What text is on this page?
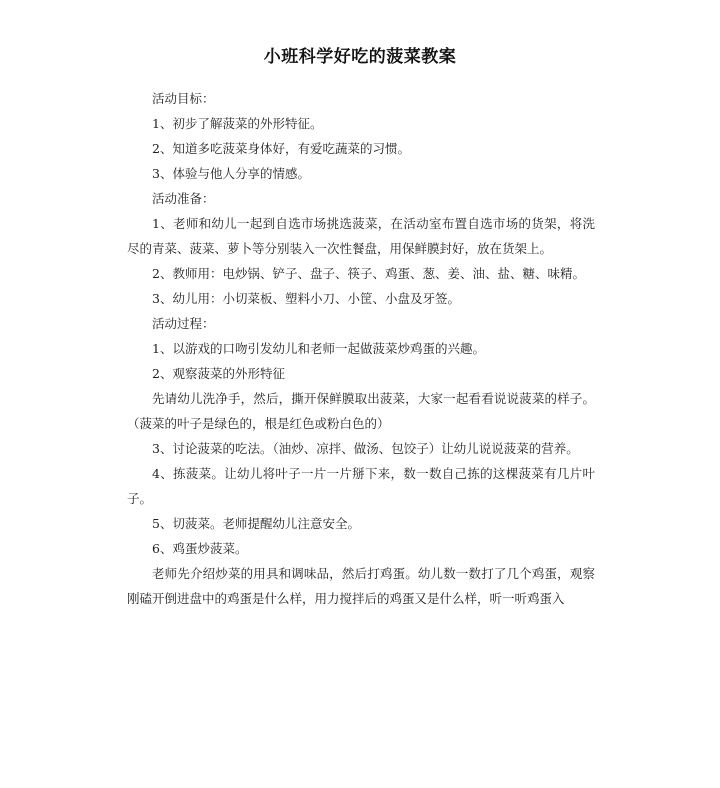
小班科学好吃的菠菜教案

活动目标：

1、初步了解菠菜的外形特征。

2、知道多吃菠菜身体好，有爱吃蔬菜的习惯。

3、体验与他人分享的情感。

活动准备：

1、老师和幼儿一起到自选市场挑选菠菜，在活动室布置自选市场的货架，将洗尽的青菜、菠菜、萝卜等分别装入一次性餐盘，用保鲜膜封好，放在货架上。

2、教师用：电炒锅、铲子、盘子、筷子、鸡蛋、葱、姜、油、盐、糖、味精。

3、幼儿用：小切菜板、塑料小刀、小筐、小盘及牙签。

活动过程：

1、以游戏的口吻引发幼儿和老师一起做菠菜炒鸡蛋的兴趣。

2、观察菠菜的外形特征

先请幼儿洗净手，然后，撕开保鲜膜取出菠菜，大家一起看看说说菠菜的样子。（菠菜的叶子是绿色的，根是红色或粉白色的）

3、讨论菠菜的吃法。（油炒、凉拌、做汤、包饺子）让幼儿说说菠菜的营养。

4、拣菠菜。让幼儿将叶子一片一片掰下来，数一数自己拣的这棵菠菜有几片叶子。

5、切菠菜。老师提醒幼儿注意安全。

6、鸡蛋炒菠菜。

老师先介绍炒菜的用具和调味品，然后打鸡蛋。幼儿数一数打了几个鸡蛋，观察刚磕开倒进盘中的鸡蛋是什么样，用力搅拌后的鸡蛋又是什么样，听一听鸡蛋入
